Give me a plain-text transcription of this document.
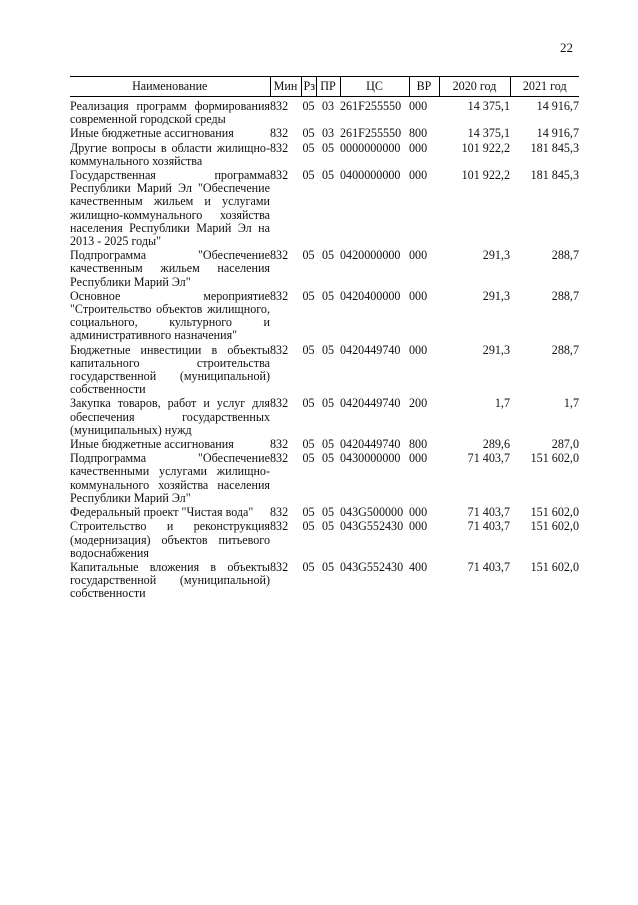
22
Наименование	Мин	Рз	ПР	ЦС	ВР	2020 год	2021 год
Реализация программ формирования современной городской среды	832	05	03	261F255550	000	14 375,1	14 916,7
Иные бюджетные ассигнования	832	05	03	261F255550	800	14 375,1	14 916,7
Другие вопросы в области жилищно-коммунального хозяйства	832	05	05	0000000000	000	101 922,2	181 845,3
Государственная программа Республики Марий Эл "Обеспечение качественным жильем и услугами жилищно-коммунального хозяйства населения Республики Марий Эл на 2013 - 2025 годы"	832	05	05	0400000000	000	101 922,2	181 845,3
Подпрограмма "Обеспечение качественным жильем населения Республики Марий Эл"	832	05	05	0420000000	000	291,3	288,7
Основное мероприятие "Строительство объектов жилищного, социального, культурного и административного назначения"	832	05	05	0420400000	000	291,3	288,7
Бюджетные инвестиции в объекты капитального строительства государственной (муниципальной) собственности	832	05	05	0420449740	000	291,3	288,7
Закупка товаров, работ и услуг для обеспечения государственных (муниципальных) нужд	832	05	05	0420449740	200	1,7	1,7
Иные бюджетные ассигнования	832	05	05	0420449740	800	289,6	287,0
Подпрограмма "Обеспечение качественными услугами жилищно-коммунального хозяйства населения Республики Марий Эл"	832	05	05	0430000000	000	71 403,7	151 602,0
Федеральный проект "Чистая вода"	832	05	05	043G500000	000	71 403,7	151 602,0
Строительство и реконструкция (модернизация) объектов питьевого водоснабжения	832	05	05	043G552430	000	71 403,7	151 602,0
Капитальные вложения в объекты государственной (муниципальной) собственности	832	05	05	043G552430	400	71 403,7	151 602,0
